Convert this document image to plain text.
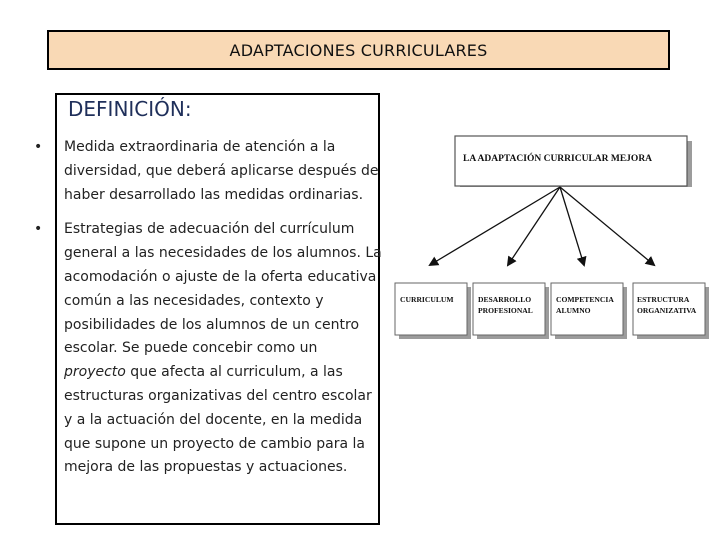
ADAPTACIONES CURRICULARES
DEFINICIÓN:
• Medida extraordinaria de atención a la diversidad, que deberá aplicarse después de haber desarrollado las medidas ordinarias.
• Estrategias de adecuación del currículum general a las necesidades de los alumnos. La acomodación o ajuste de la oferta educativa común a las necesidades, contexto y posibilidades de los alumnos de un centro escolar. Se puede concebir como un proyecto que afecta al curriculum, a las estructuras organizativas del centro escolar y a la actuación del docente, en la medida que supone un proyecto de cambio para la mejora de las propuestas y actuaciones.
LA ADAPTACIÓN CURRICULAR MEJORA
CURRICULUM	DESARROLLO
PROFESIONAL
COMPETENCIA
ALUMNO
ESTRUCTURA
ORGANIZATIVA
